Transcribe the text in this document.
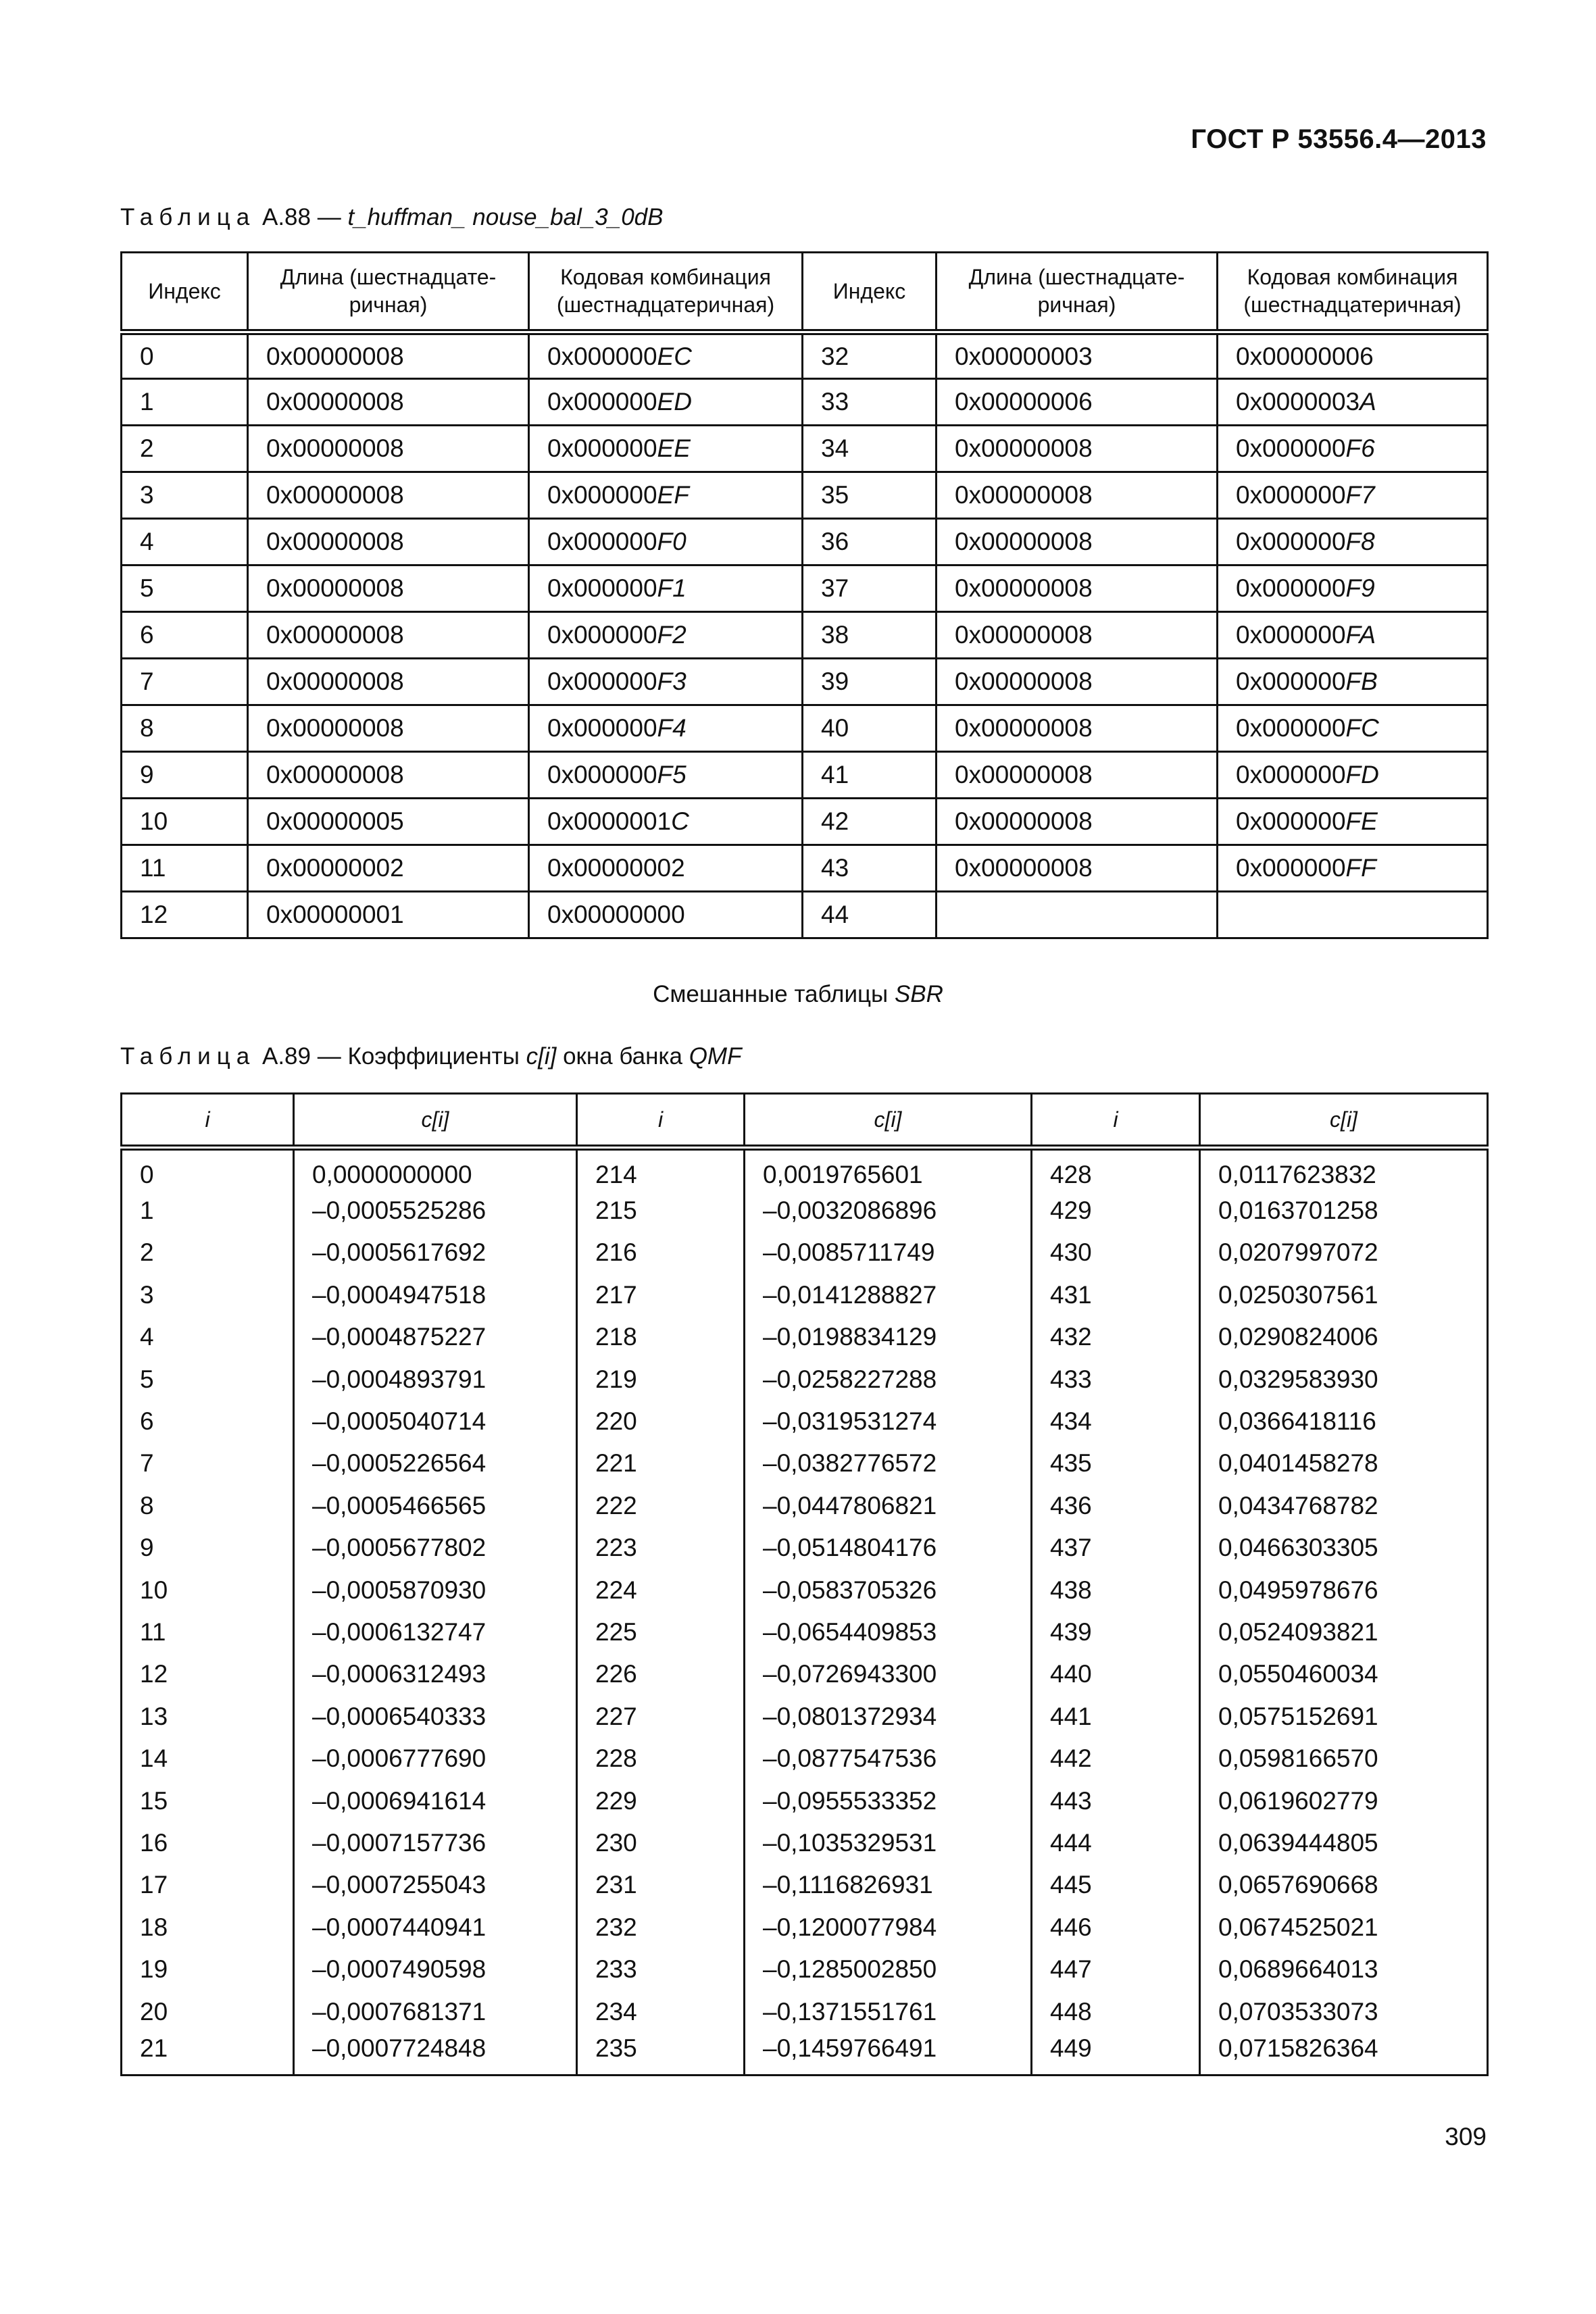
ГОСТ Р 53556.4—2013
Таблица А.88 — t_huffman_ nouse_bal_3_0dB
Индекс	Длина (шестнадцате-ричная)	Кодовая комбинация (шестнадцатеричная)	Индекс	Длина (шестнадцате-ричная)	Кодовая комбинация (шестнадцатеричная)
0	0x00000008	0x000000EC	32	0x00000003	0x00000006
1	0x00000008	0x000000ED	33	0x00000006	0x0000003A
2	0x00000008	0x000000EE	34	0x00000008	0x000000F6
3	0x00000008	0x000000EF	35	0x00000008	0x000000F7
4	0x00000008	0x000000F0	36	0x00000008	0x000000F8
5	0x00000008	0x000000F1	37	0x00000008	0x000000F9
6	0x00000008	0x000000F2	38	0x00000008	0x000000FA
7	0x00000008	0x000000F3	39	0x00000008	0x000000FB
8	0x00000008	0x000000F4	40	0x00000008	0x000000FC
9	0x00000008	0x000000F5	41	0x00000008	0x000000FD
10	0x00000005	0x0000001C	42	0x00000008	0x000000FE
11	0x00000002	0x00000002	43	0x00000008	0x000000FF
12	0x00000001	0x00000000	44		
Смешанные таблицы SBR
Таблица А.89 — Коэффициенты c[i] окна банка QMF
i	c[i]	i	c[i]	i	c[i]
0	0,0000000000	214	0,0019765601	428	0,0117623832
1	–0,0005525286	215	–0,0032086896	429	0,0163701258
2	–0,0005617692	216	–0,0085711749	430	0,0207997072
3	–0,0004947518	217	–0,0141288827	431	0,0250307561
4	–0,0004875227	218	–0,0198834129	432	0,0290824006
5	–0,0004893791	219	–0,0258227288	433	0,0329583930
6	–0,0005040714	220	–0,0319531274	434	0,0366418116
7	–0,0005226564	221	–0,0382776572	435	0,0401458278
8	–0,0005466565	222	–0,0447806821	436	0,0434768782
9	–0,0005677802	223	–0,0514804176	437	0,0466303305
10	–0,0005870930	224	–0,0583705326	438	0,0495978676
11	–0,0006132747	225	–0,0654409853	439	0,0524093821
12	–0,0006312493	226	–0,0726943300	440	0,0550460034
13	–0,0006540333	227	–0,0801372934	441	0,0575152691
14	–0,0006777690	228	–0,0877547536	442	0,0598166570
15	–0,0006941614	229	–0,0955533352	443	0,0619602779
16	–0,0007157736	230	–0,1035329531	444	0,0639444805
17	–0,0007255043	231	–0,1116826931	445	0,0657690668
18	–0,0007440941	232	–0,1200077984	446	0,0674525021
19	–0,0007490598	233	–0,1285002850	447	0,0689664013
20	–0,0007681371	234	–0,1371551761	448	0,0703533073
21	–0,0007724848	235	–0,1459766491	449	0,0715826364
309
